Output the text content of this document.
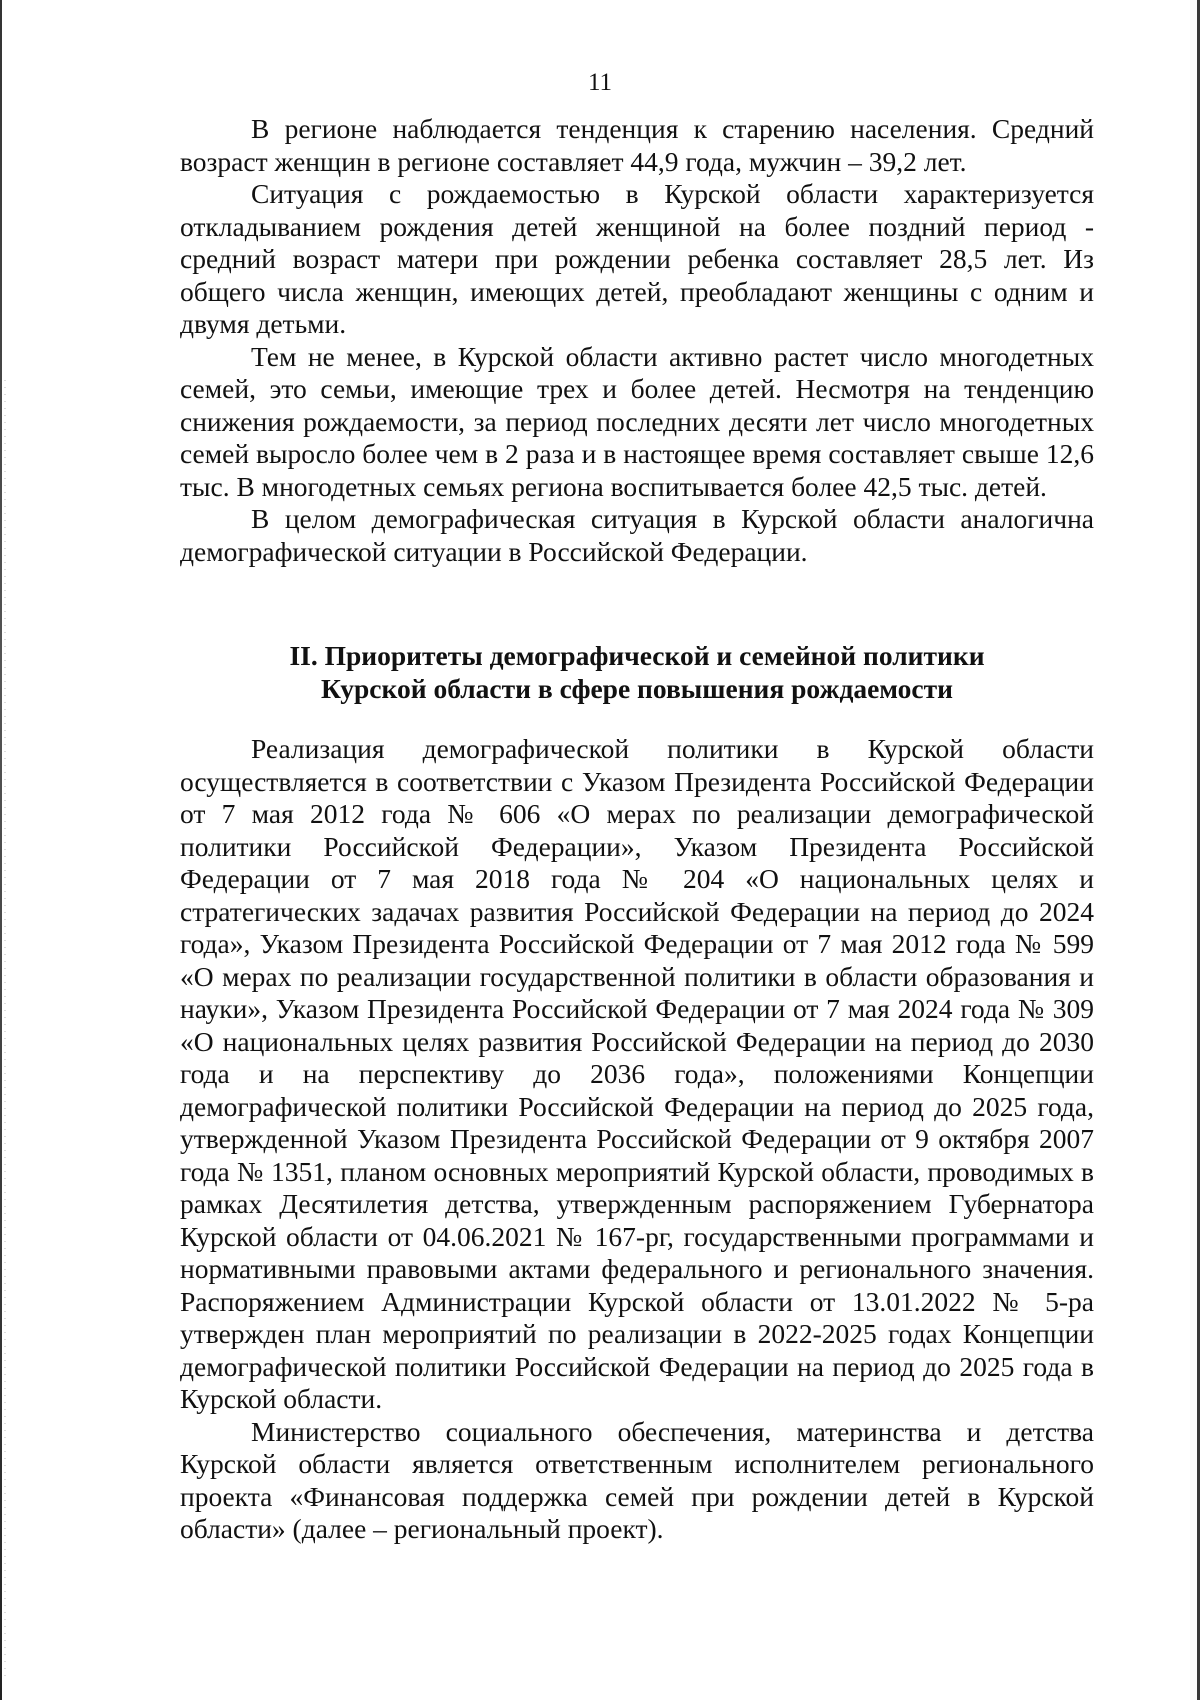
11

В регионе наблюдается тенденция к старению населения. Средний возраст женщин в регионе составляет 44,9 года, мужчин – 39,2 лет.

Ситуация с рождаемостью в Курской области характеризуется откладыванием рождения детей женщиной на более поздний период - средний возраст матери при рождении ребенка составляет 28,5 лет. Из общего числа женщин, имеющих детей, преобладают женщины с одним и двумя детьми.

Тем не менее, в Курской области активно растет число многодетных семей, это семьи, имеющие трех и более детей. Несмотря на тенденцию снижения рождаемости, за период последних десяти лет число многодетных семей выросло более чем в 2 раза и в настоящее время составляет свыше 12,6 тыс. В многодетных семьях региона воспитывается более 42,5 тыс. детей.

В целом демографическая ситуация в Курской области аналогична демографической ситуации в Российской Федерации.

II. Приоритеты демографической и семейной политики
Курской области в сфере повышения рождаемости

Реализация демографической политики в Курской области осуществляется в соответствии с Указом Президента Российской Федерации от 7 мая 2012 года № 606 «О мерах по реализации демографической политики Российской Федерации», Указом Президента Российской Федерации от 7 мая 2018 года № 204 «О национальных целях и стратегических задачах развития Российской Федерации на период до 2024 года», Указом Президента Российской Федерации от 7 мая 2012 года № 599 «О мерах по реализации государственной политики в области образования и науки», Указом Президента Российской Федерации от 7 мая 2024 года № 309 «О национальных целях развития Российской Федерации на период до 2030 года и на перспективу до 2036 года», положениями Концепции демографической политики Российской Федерации на период до 2025 года, утвержденной Указом Президента Российской Федерации от 9 октября 2007 года № 1351, планом основных мероприятий Курской области, проводимых в рамках Десятилетия детства, утвержденным распоряжением Губернатора Курской области от 04.06.2021 № 167-рг, государственными программами и нормативными правовыми актами федерального и регионального значения. Распоряжением Администрации Курской области от 13.01.2022 № 5-ра утвержден план мероприятий по реализации в 2022-2025 годах Концепции демографической политики Российской Федерации на период до 2025 года в Курской области.

Министерство социального обеспечения, материнства и детства Курской области является ответственным исполнителем регионального проекта «Финансовая поддержка семей при рождении детей в Курской области» (далее – региональный проект).
